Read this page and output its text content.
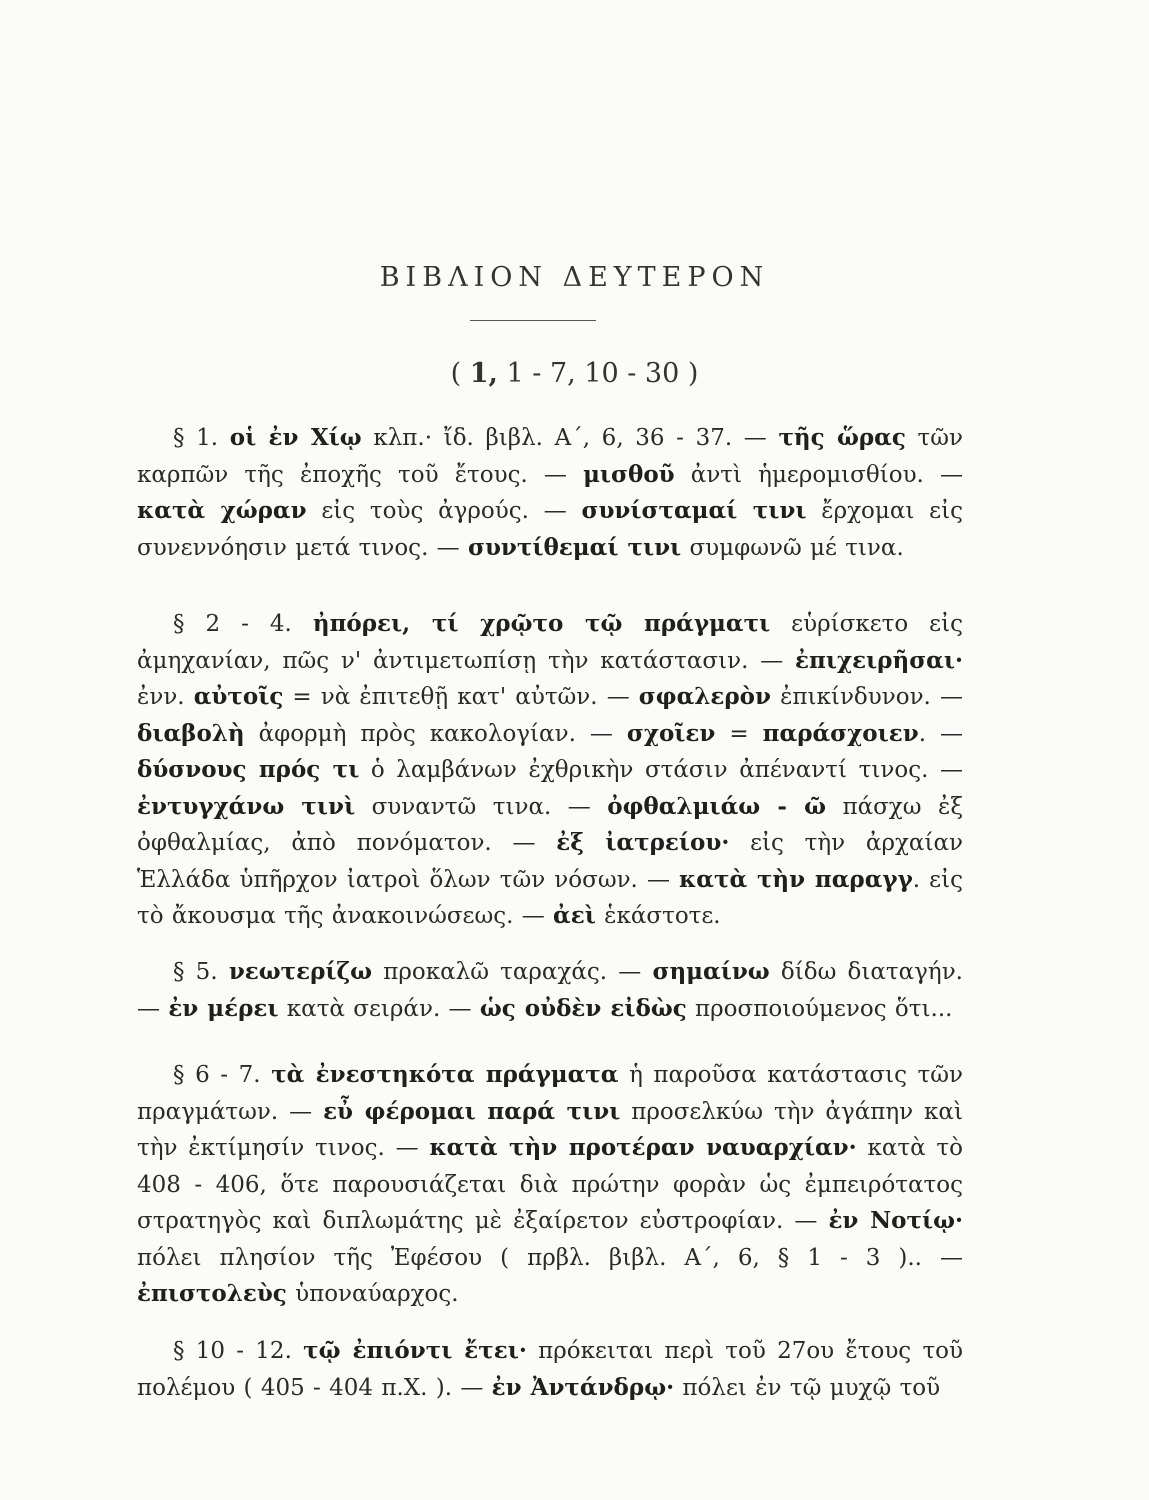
ΒΙΒΛΙΟΝ ΔΕΥΤΕΡΟΝ
( 1, 1 - 7, 10 - 30 )
§ 1. οἱ ἐν Χίῳ κλπ.· ἴδ. βιβλ. Α΄, 6, 36 - 37. — τῆς ὥρας τῶν καρπῶν τῆς ἐποχῆς τοῦ ἔτους. — μισθοῦ ἀντὶ ἡμερομισθίου. — κατὰ χώραν εἰς τοὺς ἀγρούς. — συνίσταμαί τινι ἔρχομαι εἰς συνεννόησιν μετά τινος. — συντίθεμαί τινι συμφωνῶ μέ τινα.
§ 2 - 4. ἠπόρει, τί χρῷτο τῷ πράγματι εὑρίσκετο εἰς ἀμηχανίαν, πῶς ν' ἀντιμετωπίσῃ τὴν κατάστασιν. — ἐπιχειρῆσαι· ἐνν. αὐτοῖς = νὰ ἐπιτεθῇ κατ' αὐτῶν. — σφαλερὸν ἐπικίνδυνον. — διαβολὴ ἀφορμὴ πρὸς κακολογίαν. — σχοῖεν = παράσχοιεν. — δύσνους πρός τι ὁ λαμβάνων ἐχθρικὴν στάσιν ἀπέναντί τινος. — ἐντυγχάνω τινὶ συναντῶ τινα. — ὀφθαλμιάω - ῶ πάσχω ἐξ ὀφθαλμίας, ἀπὸ πονόματον. — ἐξ ἰατρείου· εἰς τὴν ἀρχαίαν Ἑλλάδα ὑπῆρχον ἰατροὶ ὅλων τῶν νόσων. — κατὰ τὴν παραγγ. εἰς τὸ ἄκουσμα τῆς ἀνακοινώσεως. — ἀεὶ ἑκάστοτε.
§ 5. νεωτερίζω προκαλῶ ταραχάς. — σημαίνω δίδω διαταγήν. — ἐν μέρει κατὰ σειράν. — ὡς οὐδὲν εἰδὼς προσποιούμενος ὅτι...
§ 6 - 7. τὰ ἐνεστηκότα πράγματα ἡ παροῦσα κατάστασις τῶν πραγμάτων. — εὖ φέρομαι παρά τινι προσελκύω τὴν ἀγάπην καὶ τὴν ἐκτίμησίν τινος. — κατὰ τὴν προτέραν ναυαρχίαν· κατὰ τὸ 408 - 406, ὅτε παρουσιάζεται διὰ πρώτην φορὰν ὡς ἐμπειρότατος στρατηγὸς καὶ διπλωμάτης μὲ ἐξαίρετον εὐστροφίαν. — ἐν Νοτίῳ· πόλει πλησίον τῆς Ἐφέσου ( πρβλ. βιβλ. Α΄, 6, § 1 - 3 ).. — ἐπιστολεὺς ὑποναύαρχος.
§ 10 - 12. τῷ ἐπιόντι ἔτει· πρόκειται περὶ τοῦ 27ου ἔτους τοῦ πολέμου ( 405 - 404 π.Χ. ). — ἐν Ἀντάνδρῳ· πόλει ἐν τῷ μυχῷ τοῦ
